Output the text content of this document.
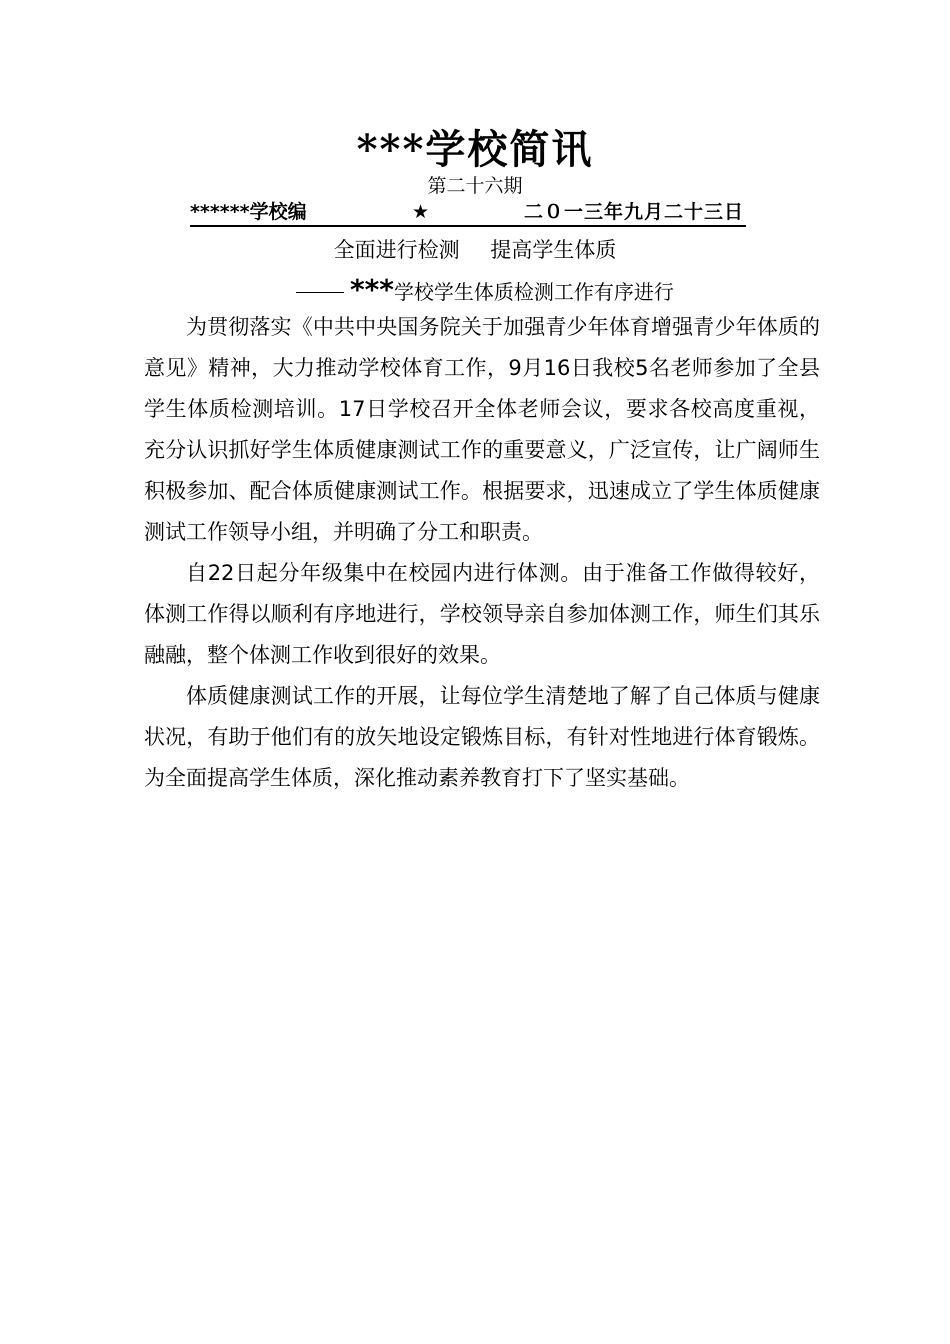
***学校简讯
第二十六期
******学校编	★	二０一三年九月二十三日
全面进行检测 提高学生体质
***学校学生体质检测工作有序进行

为贯彻落实《中共中央国务院关于加强青少年体育增强青少年体质的意见》精神，大力推动学校体育工作，9月16日我校5名老师参加了全县学生体质检测培训。17日学校召开全体老师会议，要求各校高度重视，充分认识抓好学生体质健康测试工作的重要意义，广泛宣传，让广阔师生积极参加、配合体质健康测试工作。根据要求，迅速成立了学生体质健康测试工作领导小组，并明确了分工和职责。

自22日起分年级集中在校园内进行体测。由于准备工作做得较好，体测工作得以顺利有序地进行，学校领导亲自参加体测工作，师生们其乐融融，整个体测工作收到很好的效果。

体质健康测试工作的开展，让每位学生清楚地了解了自己体质与健康状况，有助于他们有的放矢地设定锻炼目标，有针对性地进行体育锻炼。为全面提高学生体质，深化推动素养教育打下了坚实基础。
